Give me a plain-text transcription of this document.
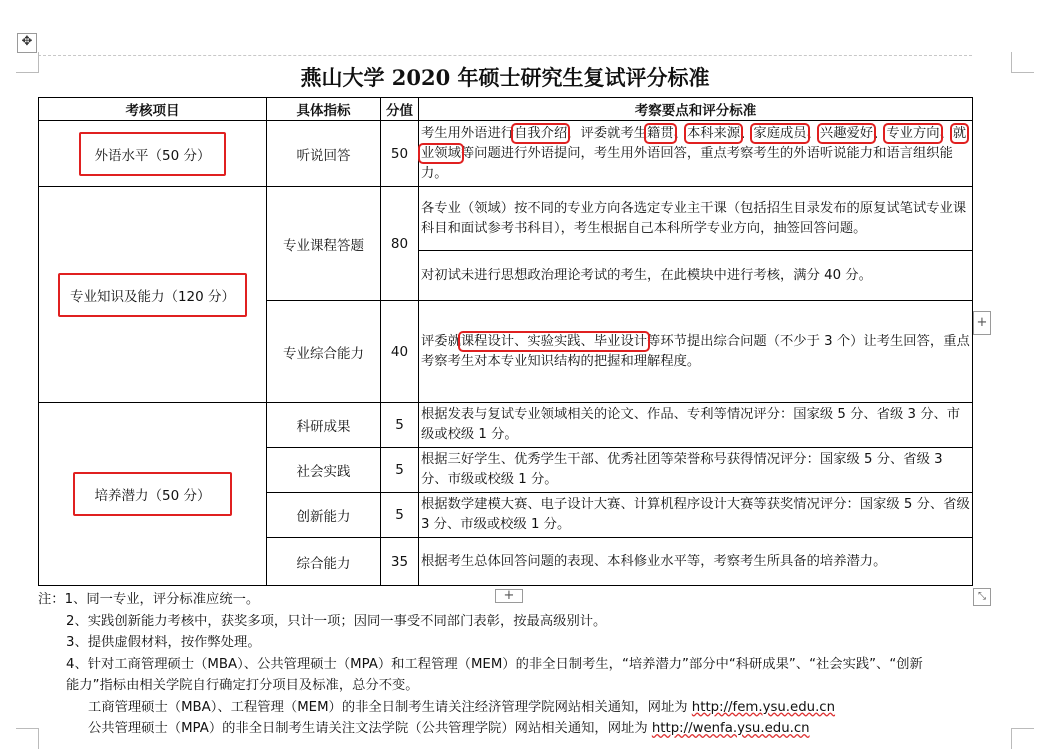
✥
燕山大学 2020 年硕士研究生复试评分标准
考核项目	具体指标	分值	考察要点和评分标准
外语水平（50 分）	听说回答	50	考生用外语进行自我介绍，评委就考生籍贯、本科来源、家庭成员、兴趣爱好、专业方向、就业领域等问题进行外语提问，考生用外语回答，重点考察考生的外语听说能力和语言组织能力。
专业知识及能力（120 分）	专业课程答题	80	各专业（领域）按不同的专业方向各选定专业主干课（包括招生目录发布的原复试笔试专业课科目和面试参考书科目），考生根据自己本科所学专业方向，抽签回答问题。
			对初试未进行思想政治理论考试的考生，在此模块中进行考核，满分 40 分。
	专业综合能力	40	评委就课程设计、实验实践、毕业设计等环节提出综合问题（不少于 3 个）让考生回答，重点考察考生对本专业知识结构的把握和理解程度。
培养潜力（50 分）	科研成果	5	根据发表与复试专业领域相关的论文、作品、专利等情况评分：国家级 5 分、省级 3 分、市级或校级 1 分。
	社会实践	5	根据三好学生、优秀学生干部、优秀社团等荣誉称号获得情况评分：国家级 5 分、省级 3 分、市级或校级 1 分。
	创新能力	5	根据数学建模大赛、电子设计大赛、计算机程序设计大赛等获奖情况评分：国家级 5 分、省级 3 分、市级或校级 1 分。
	综合能力	35	根据考生总体回答问题的表现、本科修业水平等，考察考生所具备的培养潜力。
+
+	⤡
注：1、同一专业，评分标准应统一。
2、实践创新能力考核中，获奖多项，只计一项；因同一事受不同部门表彰，按最高级别计。
3、提供虚假材料，按作弊处理。
4、针对工商管理硕士（MBA）、公共管理硕士（MPA）和工程管理（MEM）的非全日制考生，“培养潜力”部分中“科研成果”、“社会实践”、“创新
能力”指标由相关学院自行确定打分项目及标准，总分不变。
工商管理硕士（MBA）、工程管理（MEM）的非全日制考生请关注经济管理学院网站相关通知，网址为 http://fem.ysu.edu.cn
公共管理硕士（MPA）的非全日制考生请关注文法学院（公共管理学院）网站相关通知，网址为 http://wenfa.ysu.edu.cn
